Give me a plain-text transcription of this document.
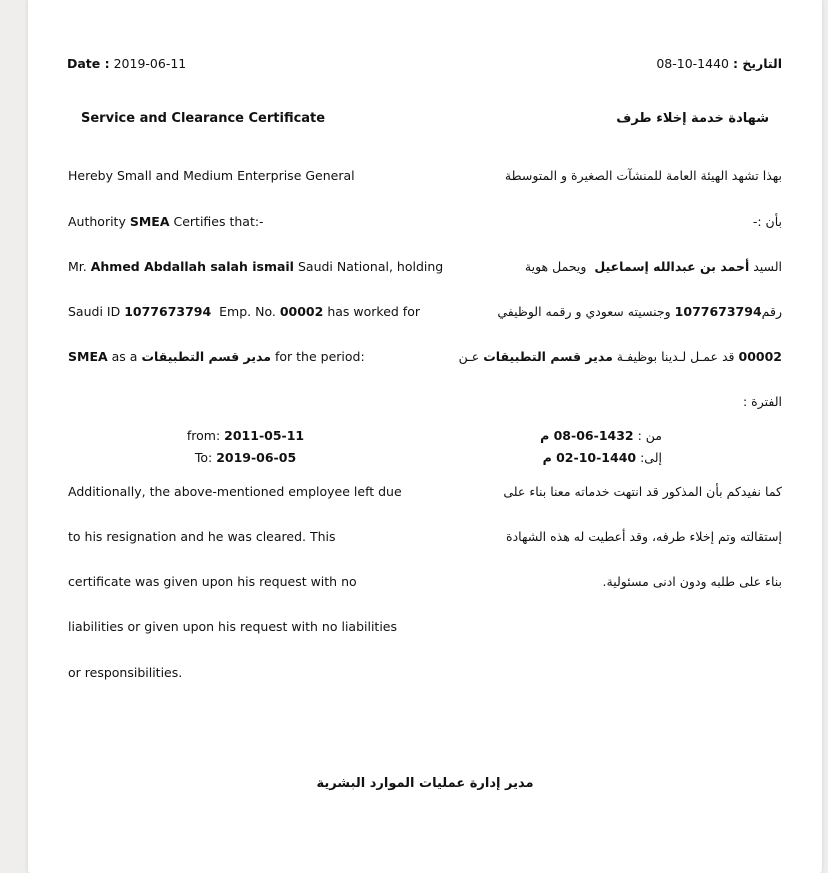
Date : 2019-06-11	التاريخ : 1440-10-08
Service and Clearance Certificate	شهادة خدمة إخلاء طرف
Hereby Small and Medium Enterprise General
Authority SMEA Certifies that:-
Mr. Ahmed Abdallah salah ismail Saudi National, holding
Saudi ID 1077673794 Emp. No. 00002 has worked for
SMEA as a مدير قسم التطبيقات for the period:
بهذا تشهد الهيئة العامة للمنشآت الصغيرة و المتوسطة
بأن :-
السيد أحمد بن عبدالله إسماعيل  ويحمل هوية
رقم1077673794 وجنسيته سعودي و رقمه الوظيفي
00002 قد عمـل لـدينا بوظيفـة مدير قسم التطبيقات عـن
الفترة :
from: 2011-05-11
To: 2019-06-05
من : 1432-06-08 م
إلى: 1440-10-02 م
Additionally, the above-mentioned employee left due
to his resignation and he was cleared. This
certificate was given upon his request with no
liabilities or given upon his request with no liabilities
or responsibilities.
كما نفيدكم بأن المذكور قد انتهت خدماته معنا بناء على
إستقالته وتم إخلاء طرفه، وقد أعطيت له هذه الشهادة
بناء على طلبه ودون ادنى مسئولية.
مدير إدارة عمليات الموارد البشرية
